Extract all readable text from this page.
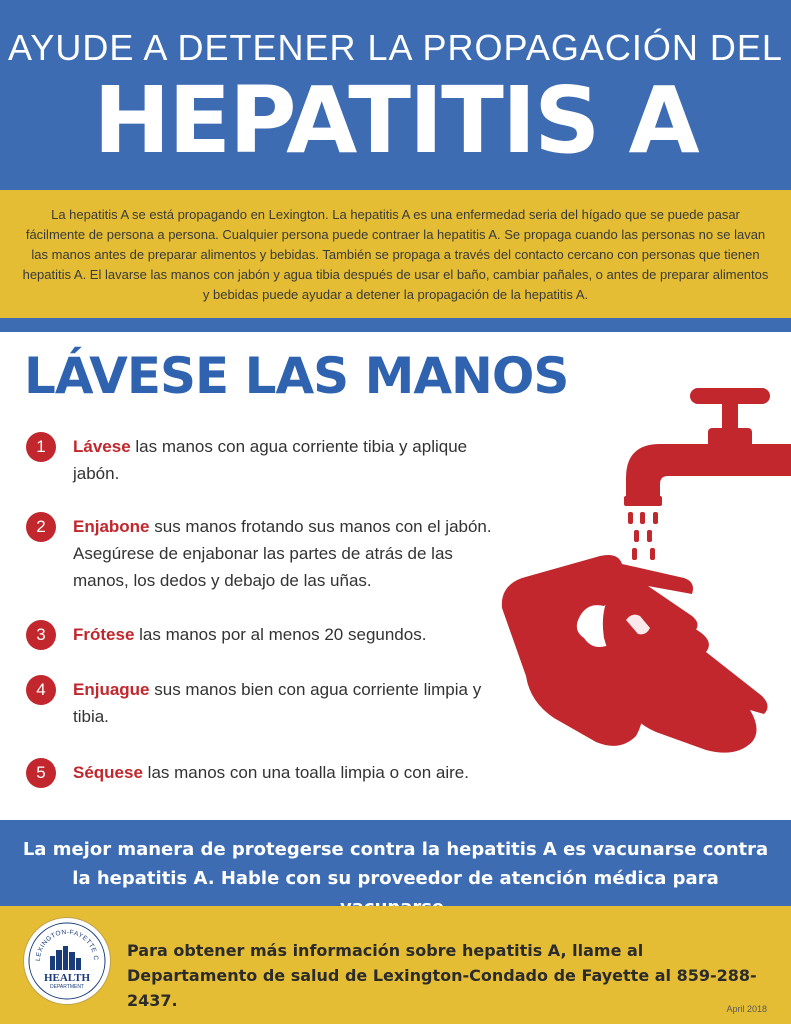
AYUDE A DETENER LA PROPAGACIÓN DEL
HEPATITIS A

La hepatitis A se está propagando en Lexington. La hepatitis A es una enfermedad seria del hígado que se puede pasar fácilmente de persona a persona. Cualquier persona puede contraer la hepatitis A. Se propaga cuando las personas no se lavan las manos antes de preparar alimentos y bebidas. También se propaga a través del contacto cercano con personas que tienen hepatitis A. El lavarse las manos con jabón y agua tibia después de usar el baño, cambiar pañales, o antes de preparar alimentos y bebidas puede ayudar a detener la propagación de la hepatitis A.

LÁVESE LAS MANOS
1	Lávese las manos con agua corriente tibia y aplique jabón.
2	Enjabone sus manos frotando sus manos con el jabón. Asegúrese de enjabonar las partes de atrás de las manos, los dedos y debajo de las uñas.
3	Frótese las manos por al menos 20 segundos.
4	Enjuague sus manos bien con agua corriente limpia y tibia.
5	Séquese las manos con una toalla limpia o con aire.

La mejor manera de protegerse contra la hepatitis A es vacunarse contra la hepatitis A. Hable con su proveedor de atención médica para

LEXINGTON-FAYETTE C
HEALTH
DEPARTMENT

Para obtener más información sobre hepatitis A, llame al Departamento de salud de Lexington-Condado de Fayette al 859-288-2437.	April 2018
